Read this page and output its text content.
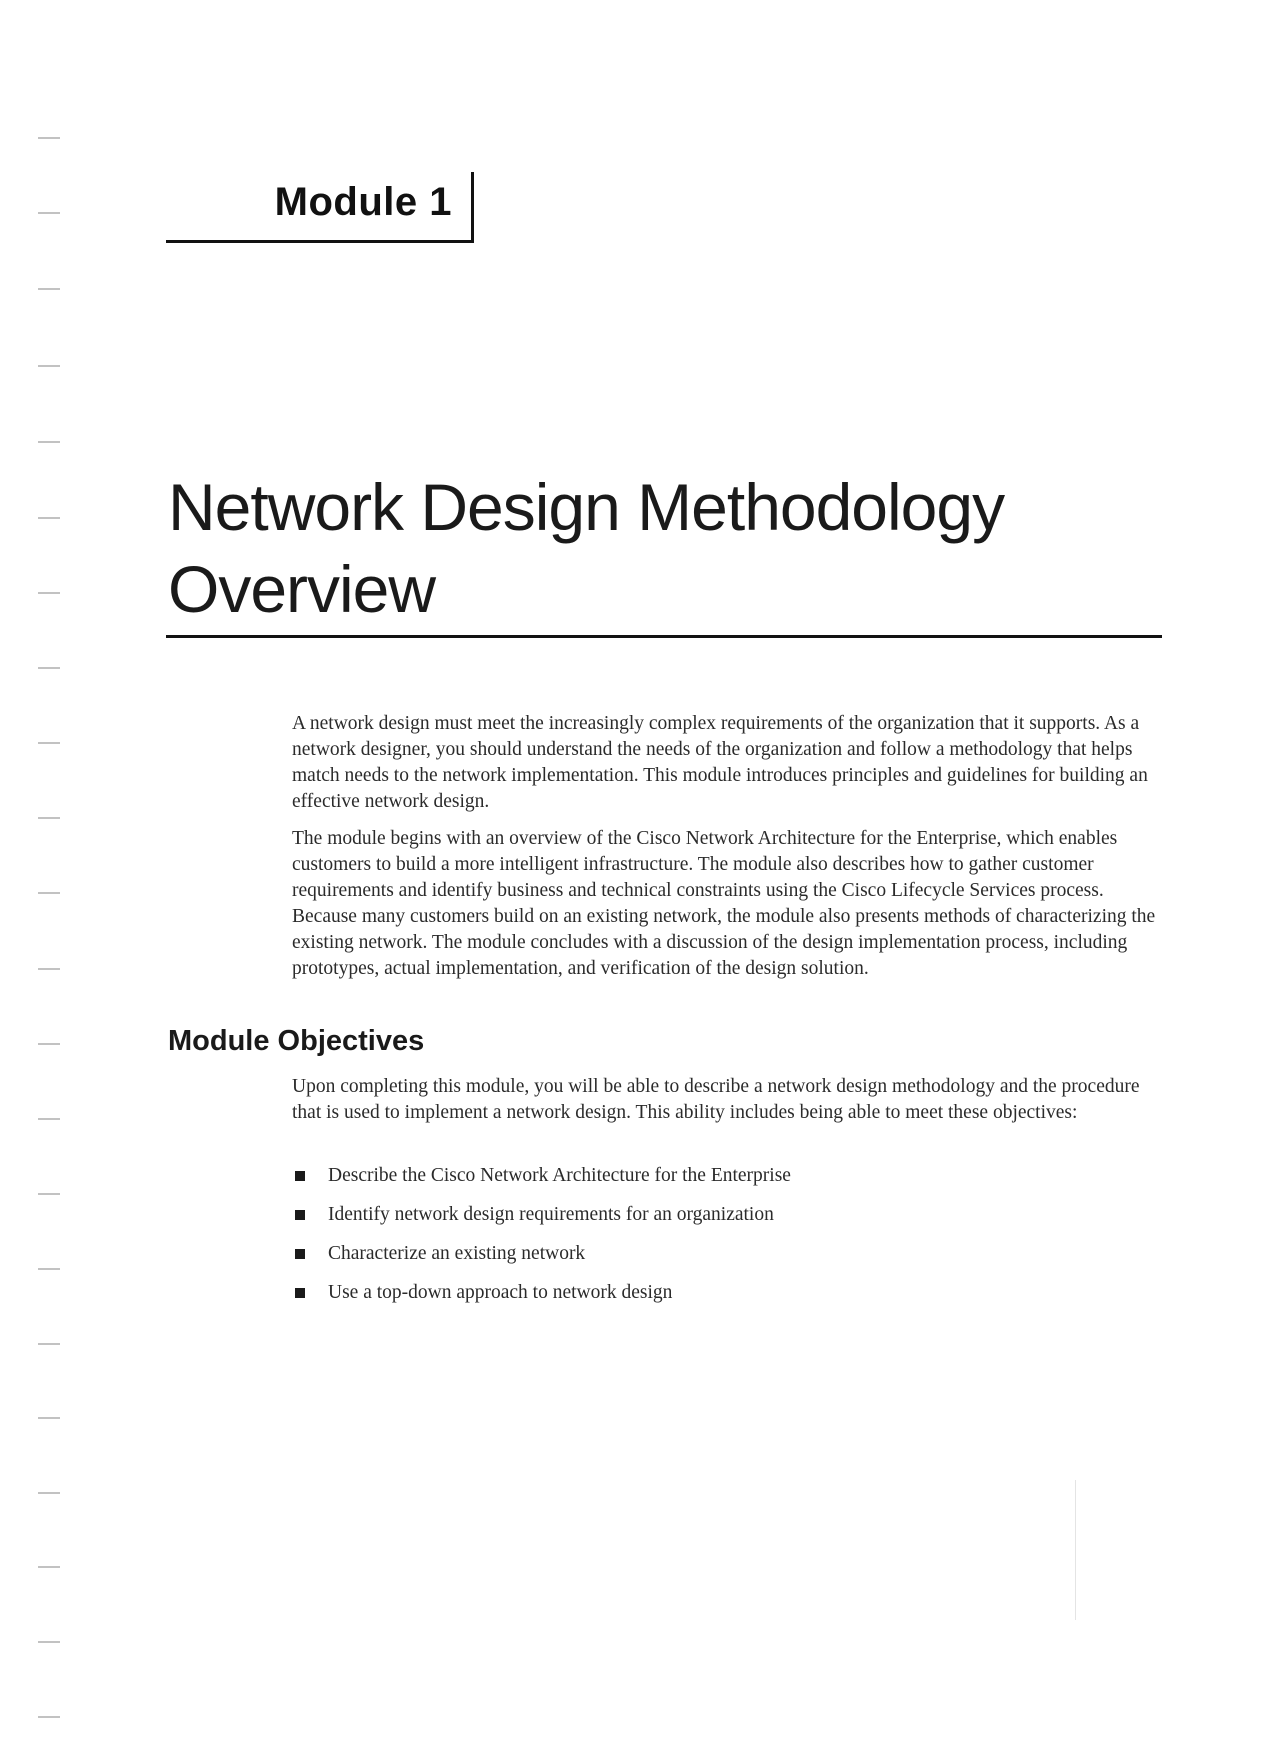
Module 1
Network Design Methodology Overview

A network design must meet the increasingly complex requirements of the organization that it supports. As a network designer, you should understand the needs of the organization and follow a methodology that helps match needs to the network implementation. This module introduces principles and guidelines for building an effective network design.

The module begins with an overview of the Cisco Network Architecture for the Enterprise, which enables customers to build a more intelligent infrastructure. The module also describes how to gather customer requirements and identify business and technical constraints using the Cisco Lifecycle Services process. Because many customers build on an existing network, the module also presents methods of characterizing the existing network. The module concludes with a discussion of the design implementation process, including prototypes, actual implementation, and verification of the design solution.

Module Objectives

Upon completing this module, you will be able to describe a network design methodology and the procedure that is used to implement a network design. This ability includes being able to meet these objectives:

Describe the Cisco Network Architecture for the Enterprise
Identify network design requirements for an organization
Characterize an existing network
Use a top-down approach to network design
